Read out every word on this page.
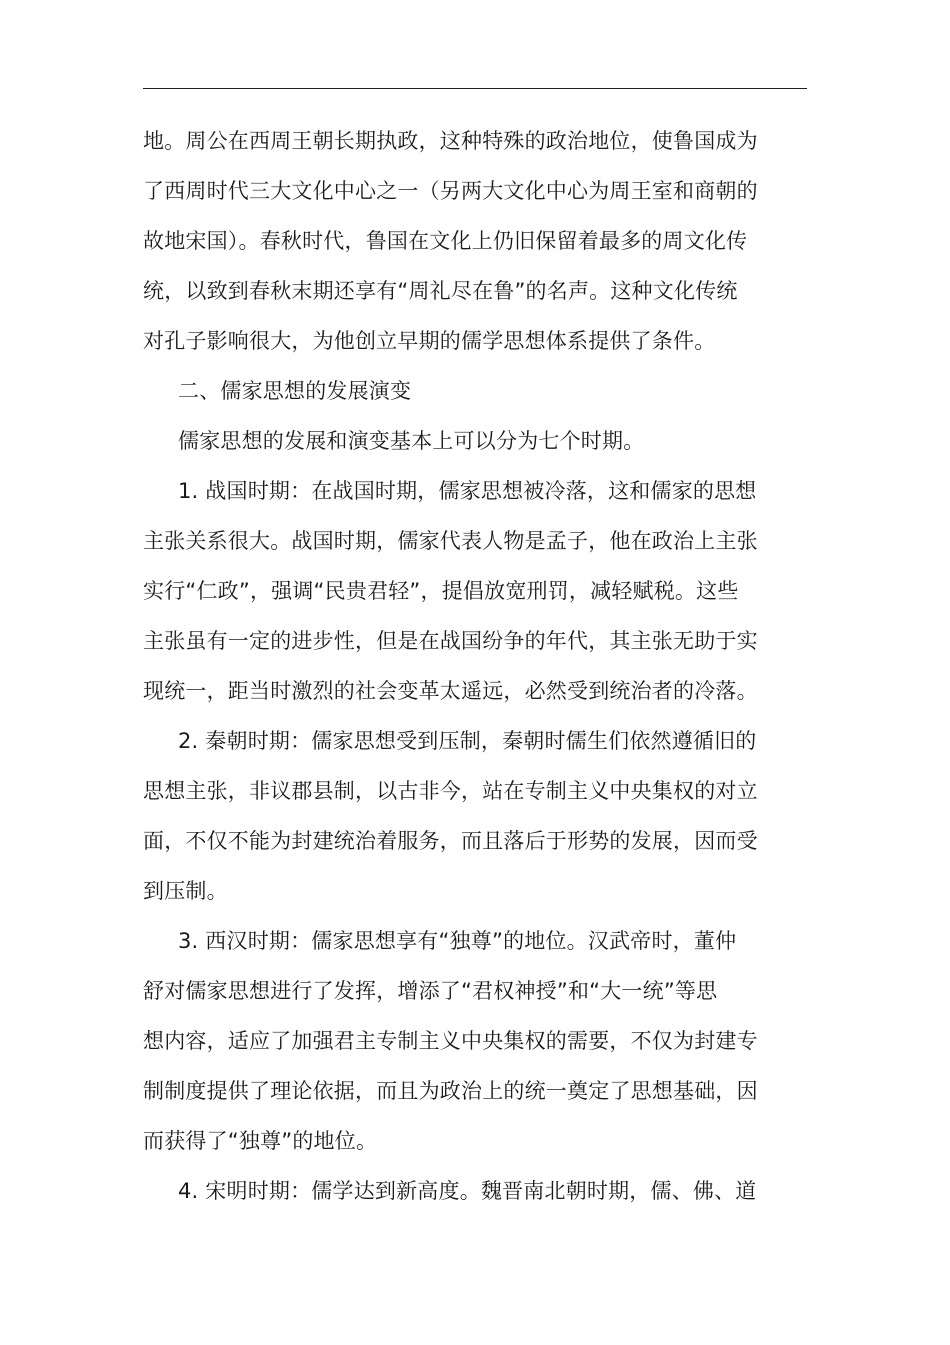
地。周公在西周王朝长期执政，这种特殊的政治地位，使鲁国成为
了西周时代三大文化中心之一（另两大文化中心为周王室和商朝的
故地宋国）。春秋时代，鲁国在文化上仍旧保留着最多的周文化传
统，以致到春秋末期还享有“周礼尽在鲁”的名声。这种文化传统
对孔子影响很大，为他创立早期的儒学思想体系提供了条件。
二、儒家思想的发展演变
儒家思想的发展和演变基本上可以分为七个时期。
1. 战国时期：在战国时期，儒家思想被冷落，这和儒家的思想
主张关系很大。战国时期，儒家代表人物是孟子，他在政治上主张
实行“仁政”，强调“民贵君轻”，提倡放宽刑罚，减轻赋税。这些
主张虽有一定的进步性，但是在战国纷争的年代，其主张无助于实
现统一，距当时激烈的社会变革太遥远，必然受到统治者的冷落。
2. 秦朝时期：儒家思想受到压制，秦朝时儒生们依然遵循旧的
思想主张，非议郡县制，以古非今，站在专制主义中央集权的对立
面，不仅不能为封建统治着服务，而且落后于形势的发展，因而受
到压制。
3. 西汉时期：儒家思想享有“独尊”的地位。汉武帝时，董仲
舒对儒家思想进行了发挥，增添了“君权神授”和“大一统”等思
想内容，适应了加强君主专制主义中央集权的需要，不仅为封建专
制制度提供了理论依据，而且为政治上的统一奠定了思想基础，因
而获得了“独尊”的地位。
4. 宋明时期：儒学达到新高度。魏晋南北朝时期，儒、佛、道
